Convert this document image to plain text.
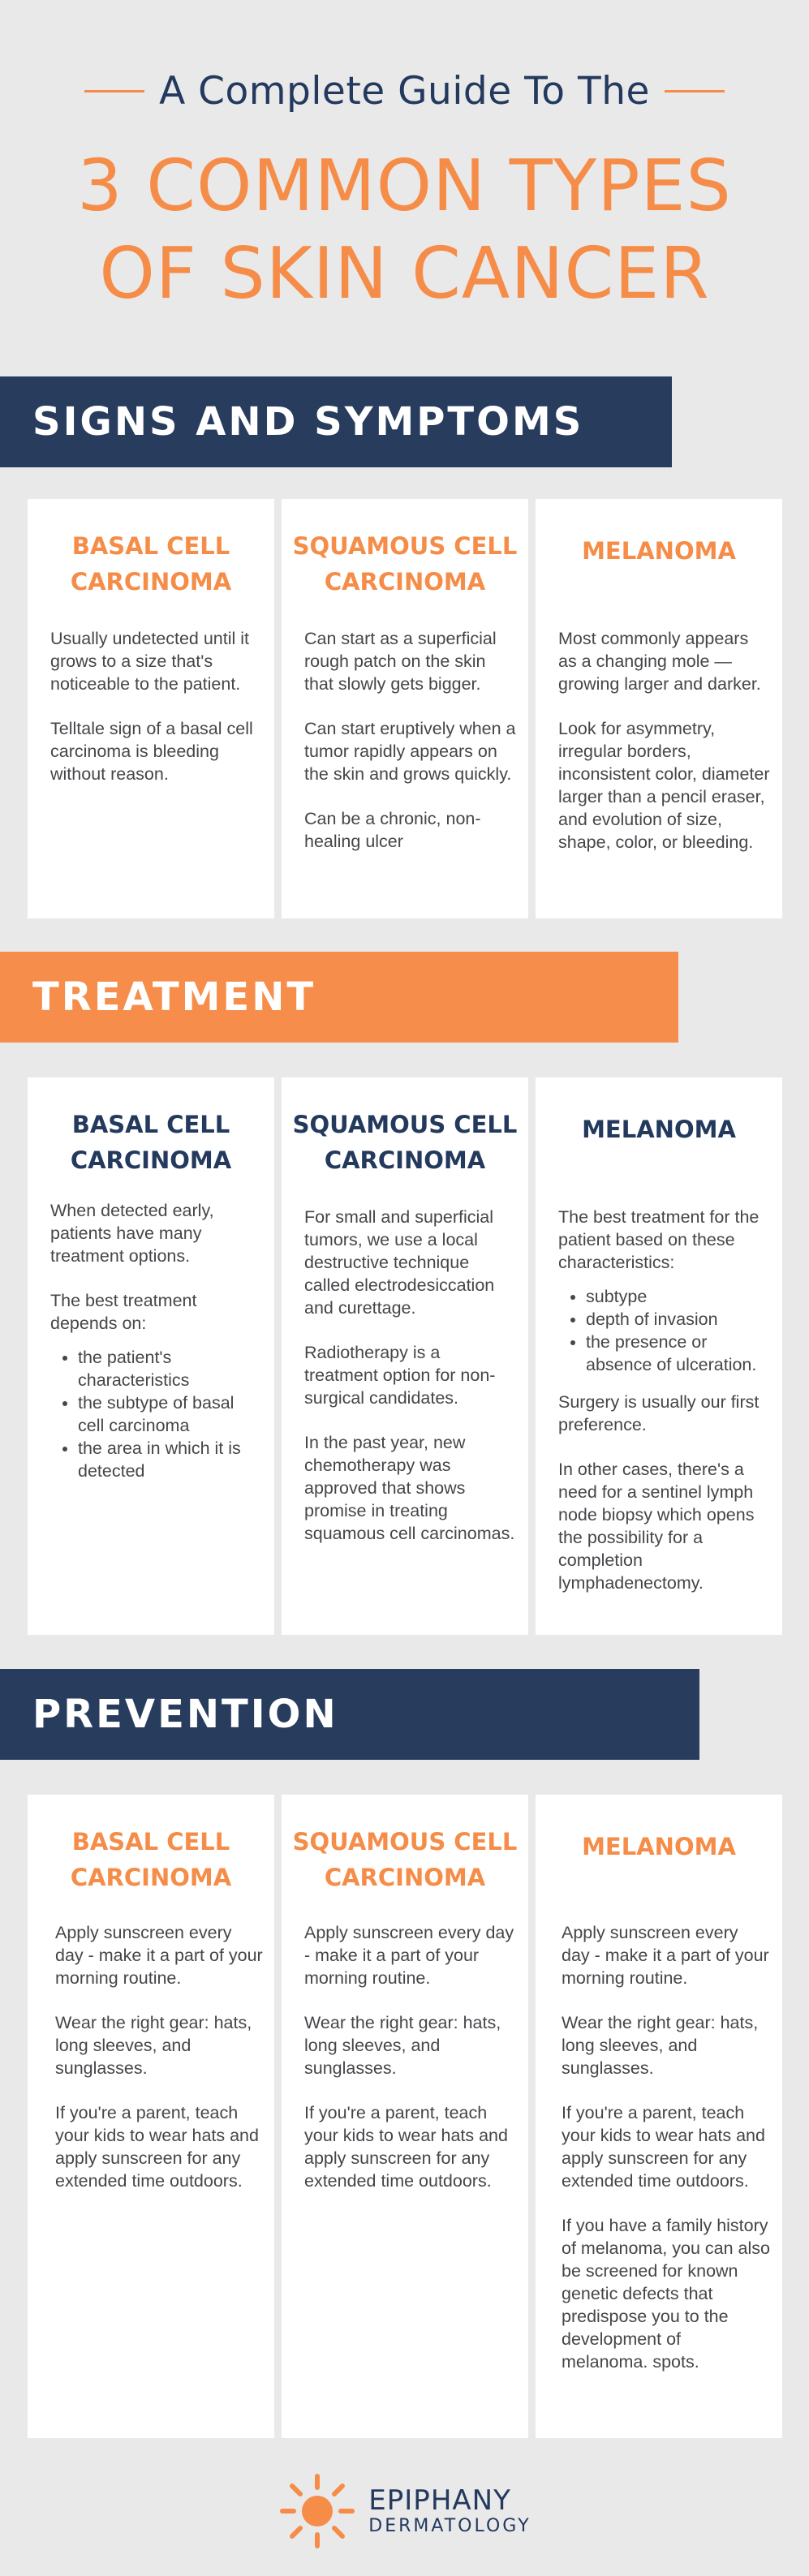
A Complete Guide To The
3 COMMON TYPES
OF SKIN CANCER
SIGNS AND SYMPTOMS
BASAL CELL
CARCINOMA

Usually undetected until it grows to a size that's noticeable to the patient.

Telltale sign of a basal cell carcinoma is bleeding without reason.

SQUAMOUS CELL
CARCINOMA

Can start as a superficial rough patch on the skin that slowly gets bigger.

Can start eruptively when a tumor rapidly appears on the skin and grows quickly.

Can be a chronic, non-healing ulcer

MELANOMA

Most commonly appears as a changing mole — growing larger and darker.

Look for asymmetry, irregular borders, inconsistent color, diameter larger than a pencil eraser, and evolution of size, shape, color, or bleeding.

TREATMENT
BASAL CELL
CARCINOMA

When detected early, patients have many treatment options.

The best treatment depends on:

• the patient's characteristics
• the subtype of basal cell carcinoma
• the area in which it is detected
SQUAMOUS CELL
CARCINOMA

For small and superficial tumors, we use a local destructive technique called electrodesiccation and curettage.

Radiotherapy is a treatment option for non-surgical candidates.

In the past year, new chemotherapy was approved that shows promise in treating squamous cell carcinomas.

MELANOMA

The best treatment for the patient based on these characteristics:

• subtype
• depth of invasion
• the presence or absence of ulceration.

Surgery is usually our first preference.

In other cases, there's a need for a sentinel lymph node biopsy which opens the possibility for a completion lymphadenectomy.

PREVENTION
BASAL CELL
CARCINOMA

Apply sunscreen every day - make it a part of your morning routine.

Wear the right gear: hats, long sleeves, and sunglasses.

If you're a parent, teach your kids to wear hats and apply sunscreen for any extended time outdoors.

SQUAMOUS CELL
CARCINOMA

Apply sunscreen every day - make it a part of your morning routine.

Wear the right gear: hats, long sleeves, and sunglasses.

If you're a parent, teach your kids to wear hats and apply sunscreen for any extended time outdoors.

MELANOMA

Apply sunscreen every day - make it a part of your morning routine.

Wear the right gear: hats, long sleeves, and sunglasses.

If you're a parent, teach your kids to wear hats and apply sunscreen for any extended time outdoors.

If you have a family history of melanoma, you can also be screened for known genetic defects that predispose you to the development of melanoma. spots.

EPIPHANY
DERMATOLOGY
